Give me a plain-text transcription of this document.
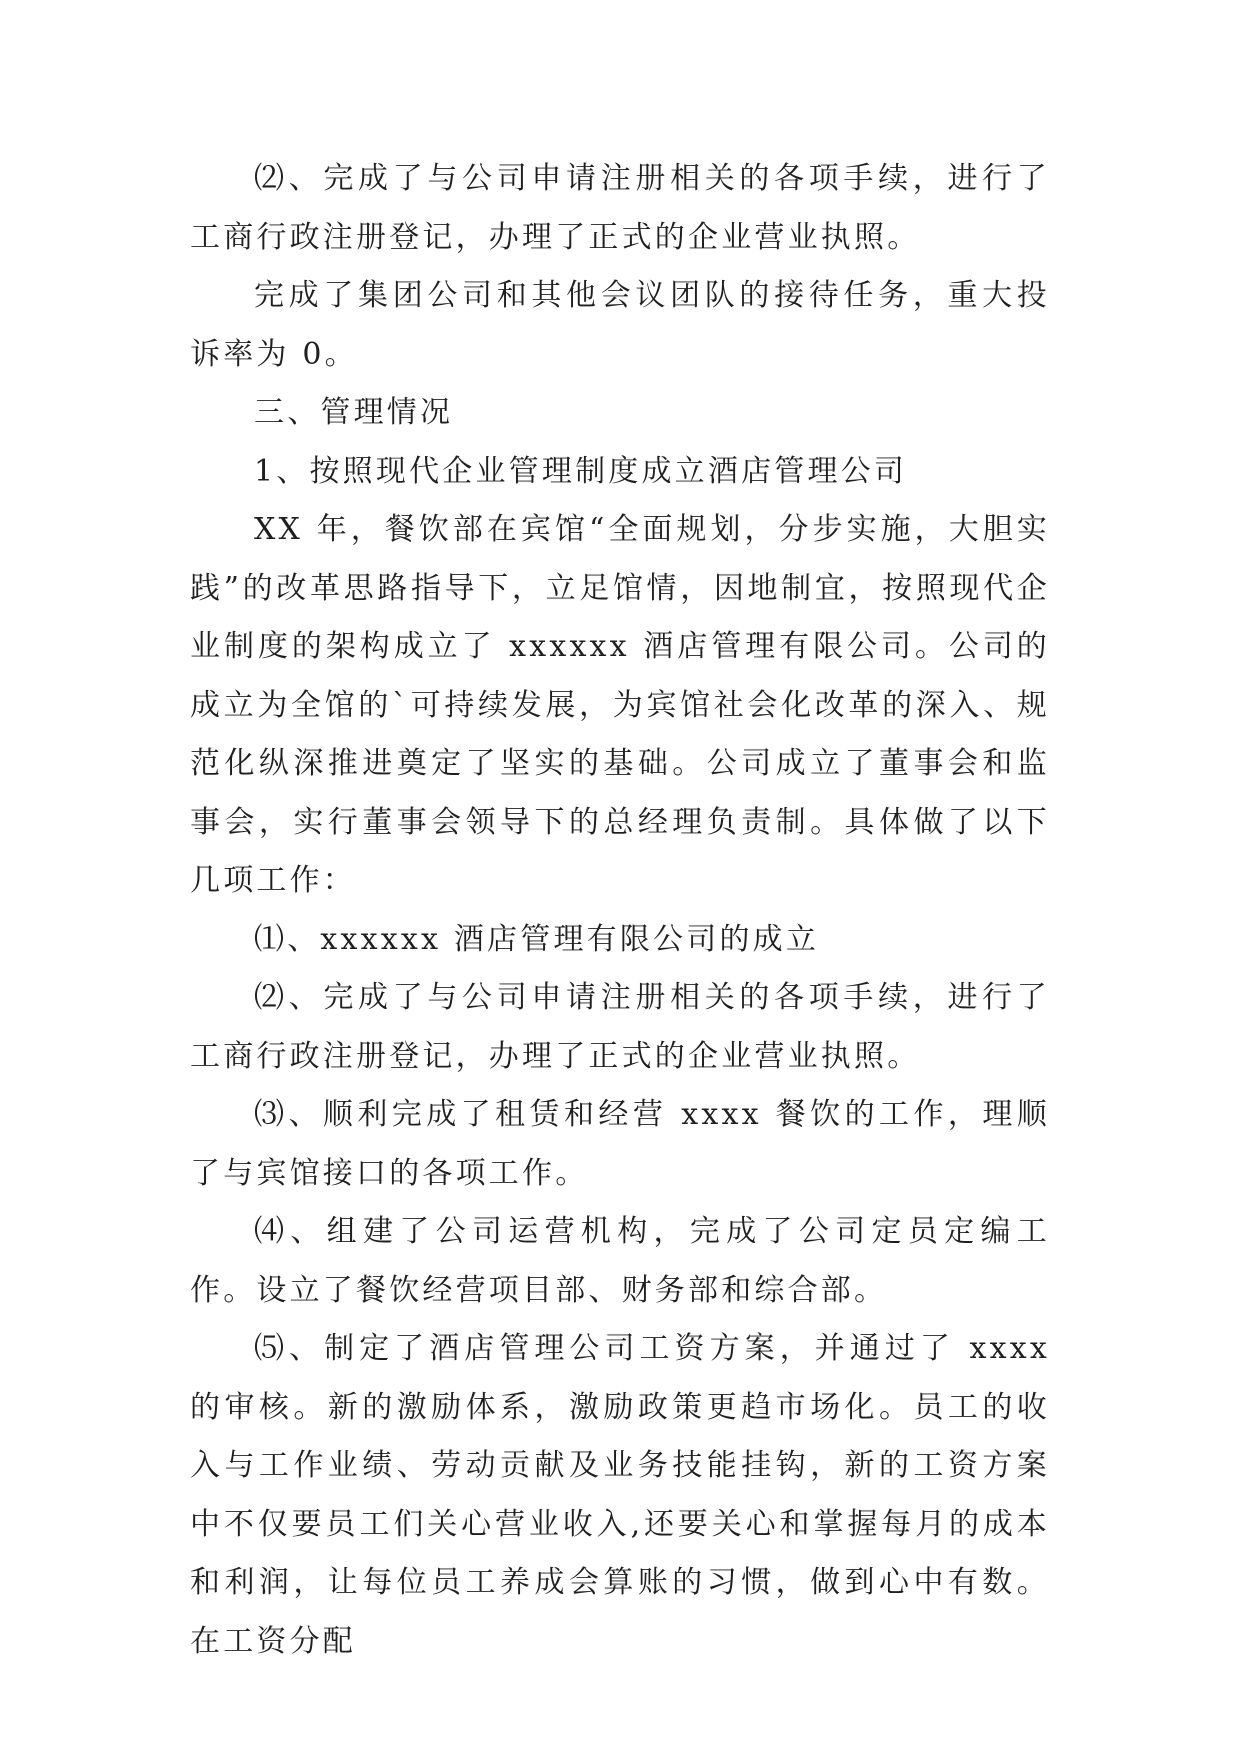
⑵、完成了与公司申请注册相关的各项手续，进行了工商行政注册登记，办理了正式的企业营业执照。

完成了集团公司和其他会议团队的接待任务，重大投诉率为 0。

三、管理情况

1、按照现代企业管理制度成立酒店管理公司

XX 年，餐饮部在宾馆“全面规划，分步实施，大胆实践”的改革思路指导下，立足馆情，因地制宜，按照现代企业制度的架构成立了 xxxxxx 酒店管理有限公司。公司的成立为全馆的`可持续发展，为宾馆社会化改革的深入、规范化纵深推进奠定了坚实的基础。公司成立了董事会和监事会，实行董事会领导下的总经理负责制。具体做了以下几项工作：

⑴、xxxxxx 酒店管理有限公司的成立

⑵、完成了与公司申请注册相关的各项手续，进行了工商行政注册登记，办理了正式的企业营业执照。

⑶、顺利完成了租赁和经营 xxxx 餐饮的工作，理顺了与宾馆接口的各项工作。

⑷、组建了公司运营机构，完成了公司定员定编工作。设立了餐饮经营项目部、财务部和综合部。

⑸、制定了酒店管理公司工资方案，并通过了 xxxx 的审核。新的激励体系，激励政策更趋市场化。员工的收入与工作业绩、劳动贡献及业务技能挂钩，新的工资方案中不仅要员工们关心营业收入,还要关心和掌握每月的成本和利润，让每位员工养成会算账的习惯，做到心中有数。在工资分配
